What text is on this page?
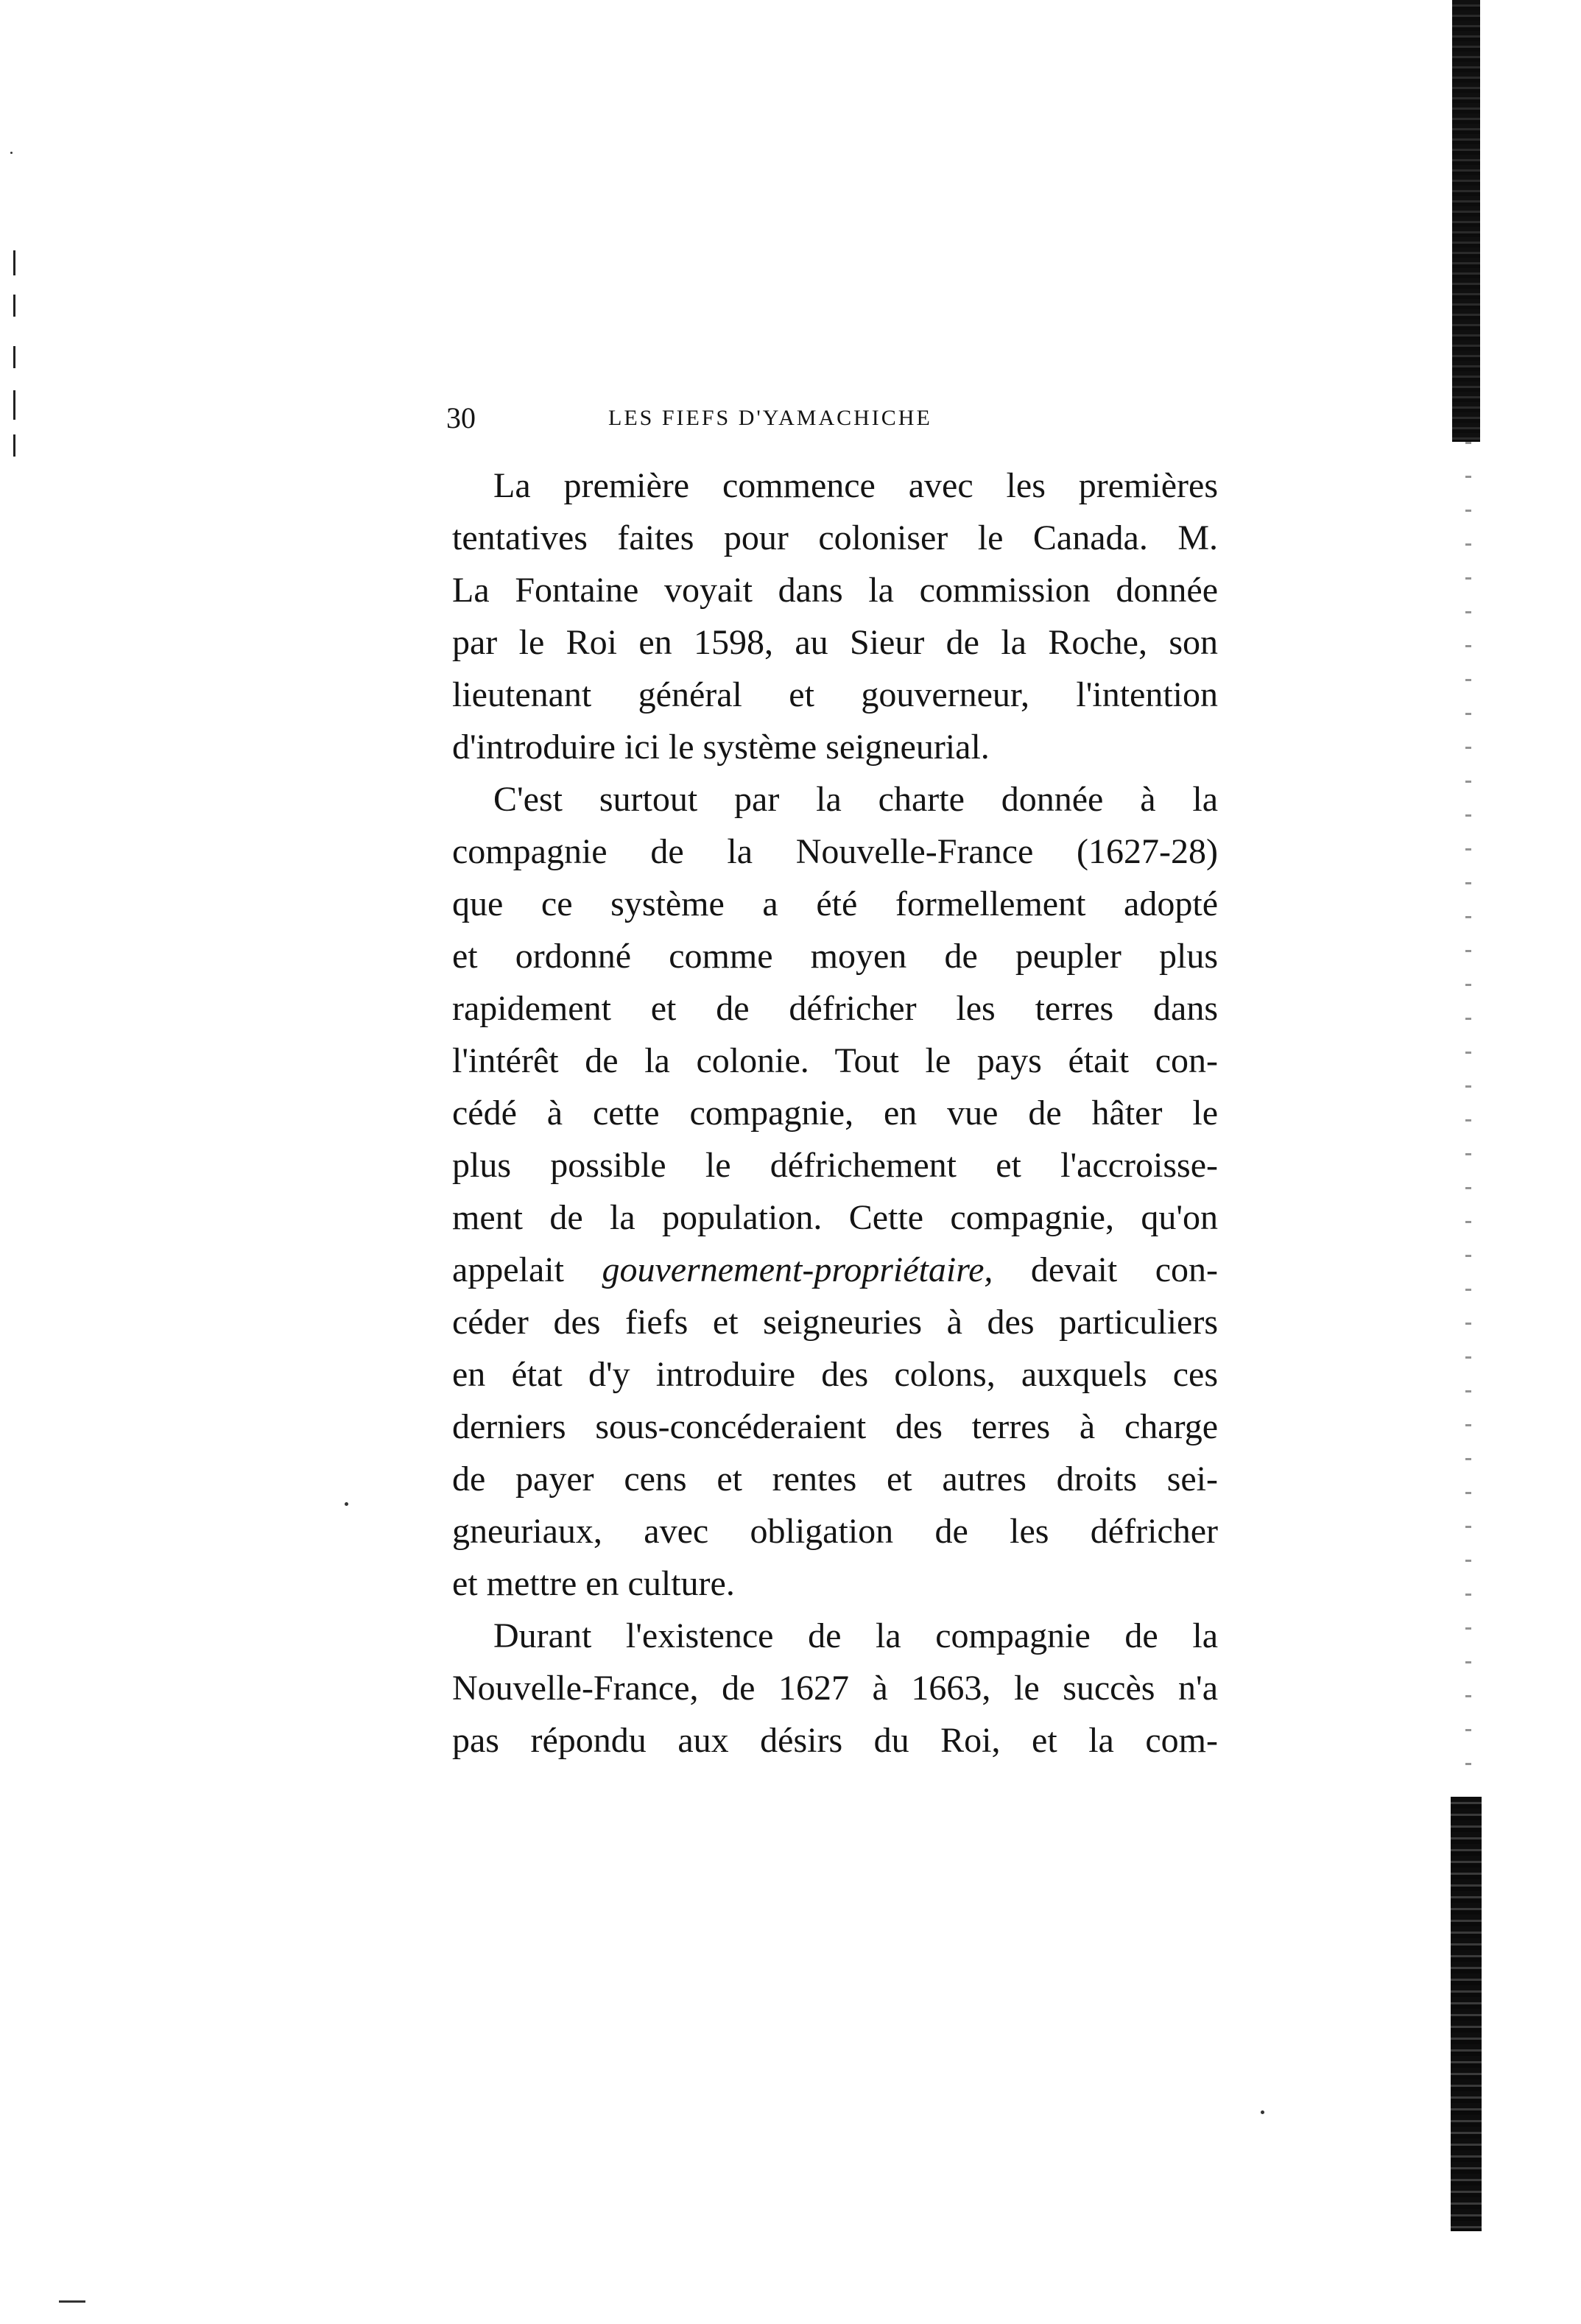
30	LES FIEFS D'YAMACHICHE
La première commence avec les premières
tentatives faites pour coloniser le Canada. M.
La Fontaine voyait dans la commission donnée
par le Roi en 1598, au Sieur de la Roche, son
lieutenant général et gouverneur, l'intention
d'introduire ici le système seigneurial.
C'est surtout par la charte donnée à la
compagnie de la Nouvelle-France (1627-28)
que ce système a été formellement adopté
et ordonné comme moyen de peupler plus
rapidement et de défricher les terres dans
l'intérêt de la colonie. Tout le pays était con-
cédé à cette compagnie, en vue de hâter le
plus possible le défrichement et l'accroisse-
ment de la population. Cette compagnie, qu'on
appelait gouvernement-propriétaire, devait con-
céder des fiefs et seigneuries à des particuliers
en état d'y introduire des colons, auxquels ces
derniers sous-concéderaient des terres à charge
de payer cens et rentes et autres droits sei-
gneuriaux, avec obligation de les défricher
et mettre en culture.
Durant l'existence de la compagnie de la
Nouvelle-France, de 1627 à 1663, le succès n'a
pas répondu aux désirs du Roi, et la com-
